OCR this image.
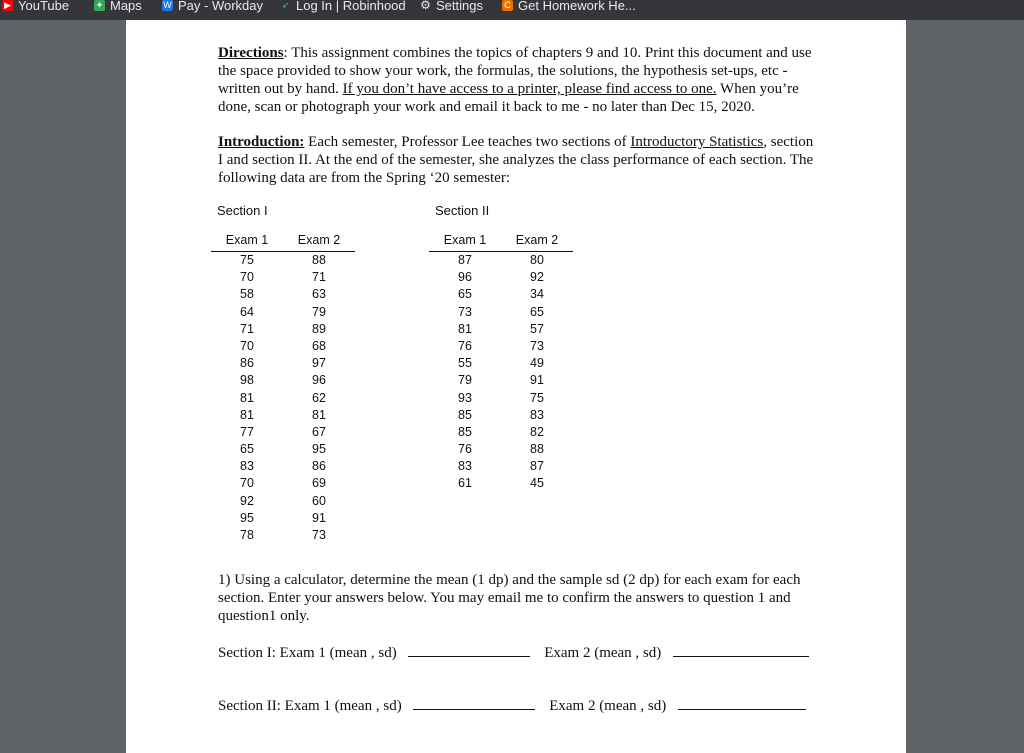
▶ YouTube	✦ Maps W Pay - Workday ➶ Log In | Robinhood ⚙ Settings C Get Homework He...
Directions: This assignment combines the topics of chapters 9 and 10. Print this document and use the space provided to show your work, the formulas, the solutions, the hypothesis set-ups, etc - written out by hand. If you don’t have access to a printer, please find access to one. When you’re done, scan or photograph your work and email it back to me - no later than Dec 15, 2020.
Introduction: Each semester, Professor Lee teaches two sections of Introductory Statistics, section I and section II. At the end of the semester, she analyzes the class performance of each section. The following data are from the Spring ‘20 semester:
Section I	Section II
Exam 1	Exam 2
75	88
70	71
58	63
64	79
71	89
70	68
86	97
98	96
81	62
81	81
77	67
65	95
83	86
70	69
92	60
95	91
78	73
Exam 1	Exam 2
87	80
96	92
65	34
73	65
81	57
76	73
55	49
79	91
93	75
85	83
85	82
76	88
83	87
61	45
1) Using a calculator, determine the mean (1 dp) and the sample sd (2 dp) for each exam for each section. Enter your answers below. You may email me to confirm the answers to question 1 and question1 only.
Section I: Exam 1 (mean , sd)	Exam 2 (mean , sd)
Section II: Exam 1 (mean , sd)	Exam 2 (mean , sd)
